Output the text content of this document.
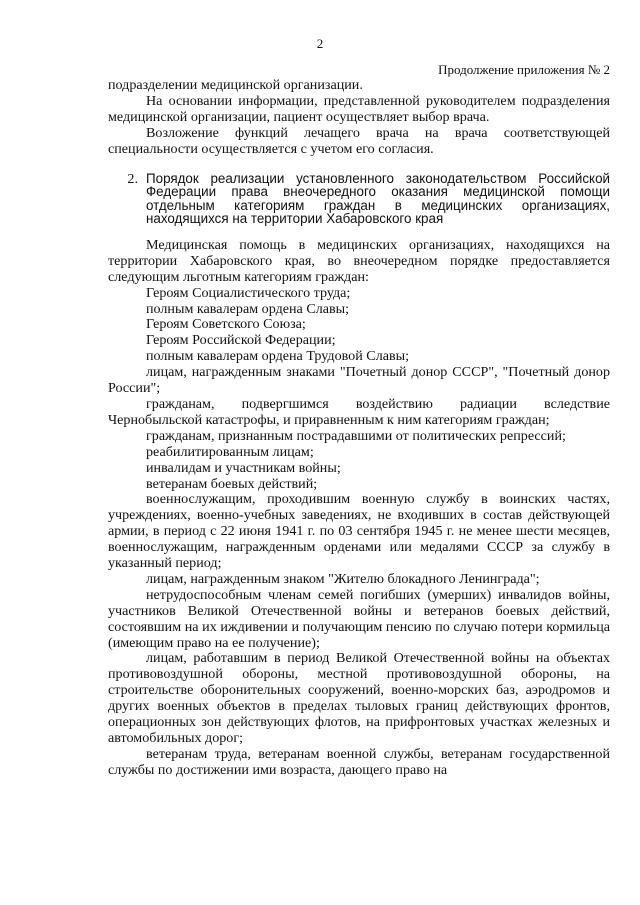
2
Продолжение приложения № 2

подразделении медицинской организации.

На основании информации, представленной руководителем подразделения медицинской организации, пациент осуществляет выбор врача.

Возложение функций лечащего врача на врача соответствующей специальности осуществляется с учетом его согласия.

2. Порядок реализации установленного законодательством Российской Федерации права внеочередного оказания медицинской помощи отдельным категориям граждан в медицинских организациях, находящихся на территории Хабаровского края

Медицинская помощь в медицинских организациях, находящихся на территории Хабаровского края, во внеочередном порядке предоставляется следующим льготным категориям граждан:

Героям Социалистического труда;

полным кавалерам ордена Славы;

Героям Советского Союза;

Героям Российской Федерации;

полным кавалерам ордена Трудовой Славы;

лицам, награжденным знаками "Почетный донор СССР", "Почетный донор России";

гражданам, подвергшимся воздействию радиации вследствие Чернобыльской катастрофы, и приравненным к ним категориям граждан;

гражданам, признанным пострадавшими от политических репрессий;

реабилитированным лицам;

инвалидам и участникам войны;

ветеранам боевых действий;

военнослужащим, проходившим военную службу в воинских частях, учреждениях, военно-учебных заведениях, не входивших в состав действующей армии, в период с 22 июня 1941 г. по 03 сентября 1945 г. не менее шести месяцев, военнослужащим, награжденным орденами или медалями СССР за службу в указанный период;

лицам, награжденным знаком "Жителю блокадного Ленинграда";

нетрудоспособным членам семей погибших (умерших) инвалидов войны, участников Великой Отечественной войны и ветеранов боевых действий, состоявшим на их иждивении и получающим пенсию по случаю потери кормильца (имеющим право на ее получение);

лицам, работавшим в период Великой Отечественной войны на объектах противовоздушной обороны, местной противовоздушной обороны, на строительстве оборонительных сооружений, военно-морских баз, аэродромов и других военных объектов в пределах тыловых границ действующих фронтов, операционных зон действующих флотов, на прифронтовых участках железных и автомобильных дорог;

ветеранам труда, ветеранам военной службы, ветеранам государственной службы по достижении ими возраста, дающего право на
